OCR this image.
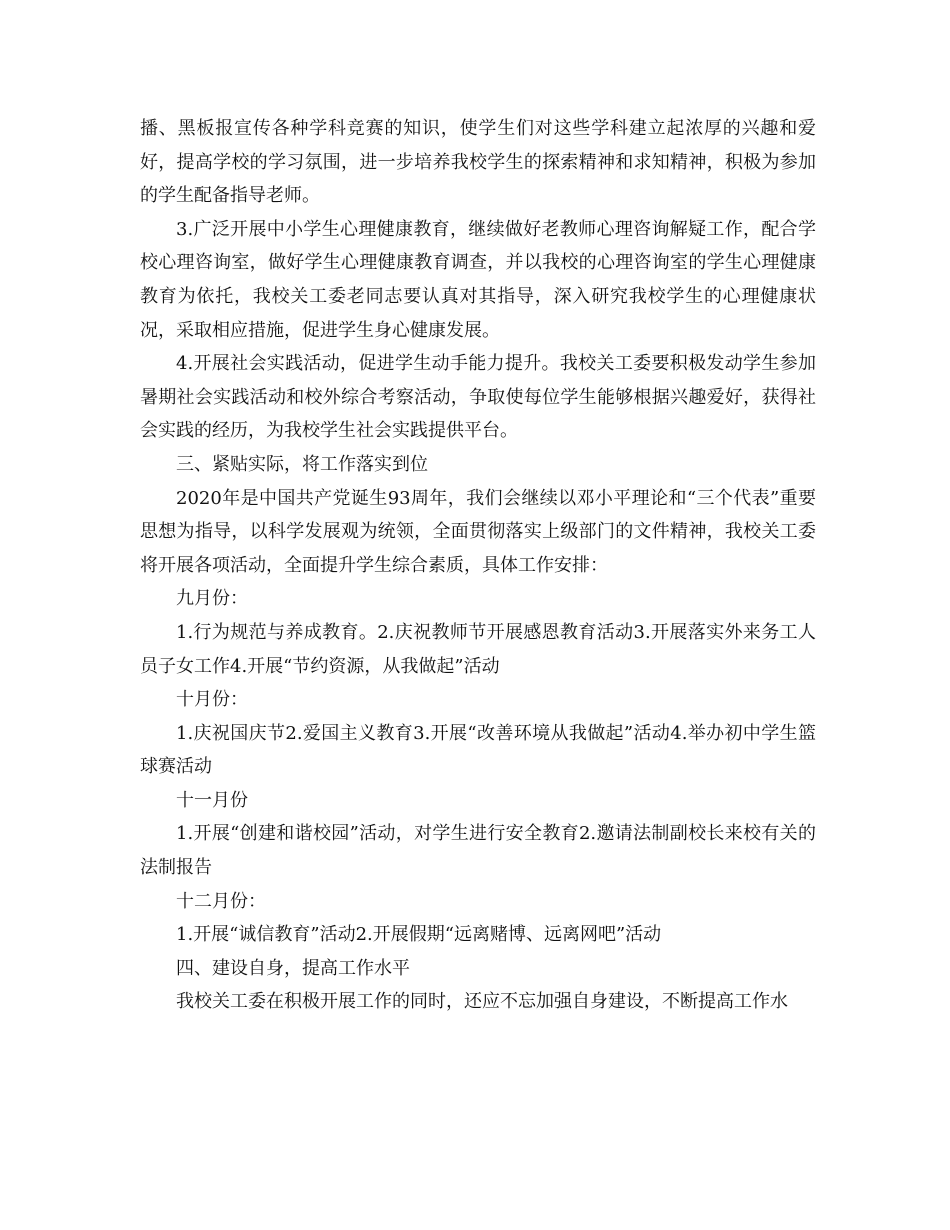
播、黑板报宣传各种学科竞赛的知识，使学生们对这些学科建立起浓厚的兴趣和爱好，提高学校的学习氛围，进一步培养我校学生的探索精神和求知精神，积极为参加的学生配备指导老师。

3.广泛开展中小学生心理健康教育，继续做好老教师心理咨询解疑工作，配合学校心理咨询室，做好学生心理健康教育调查，并以我校的心理咨询室的学生心理健康教育为依托，我校关工委老同志要认真对其指导，深入研究我校学生的心理健康状况，采取相应措施，促进学生身心健康发展。

4.开展社会实践活动，促进学生动手能力提升。我校关工委要积极发动学生参加暑期社会实践活动和校外综合考察活动，争取使每位学生能够根据兴趣爱好，获得社会实践的经历，为我校学生社会实践提供平台。

三、紧贴实际，将工作落实到位

2020年是中国共产党诞生93周年，我们会继续以邓小平理论和“三个代表”重要思想为指导，以科学发展观为统领，全面贯彻落实上级部门的文件精神，我校关工委将开展各项活动，全面提升学生综合素质，具体工作安排：

九月份：

1.行为规范与养成教育。2.庆祝教师节开展感恩教育活动3.开展落实外来务工人员子女工作4.开展“节约资源，从我做起”活动

十月份：

1.庆祝国庆节2.爱国主义教育3.开展“改善环境从我做起”活动4.举办初中学生篮球赛活动

十一月份

1.开展“创建和谐校园”活动，对学生进行安全教育2.邀请法制副校长来校有关的法制报告

十二月份：

1.开展“诚信教育”活动2.开展假期“远离赌博、远离网吧”活动

四、建设自身，提高工作水平

我校关工委在积极开展工作的同时，还应不忘加强自身建设，不断提高工作水
